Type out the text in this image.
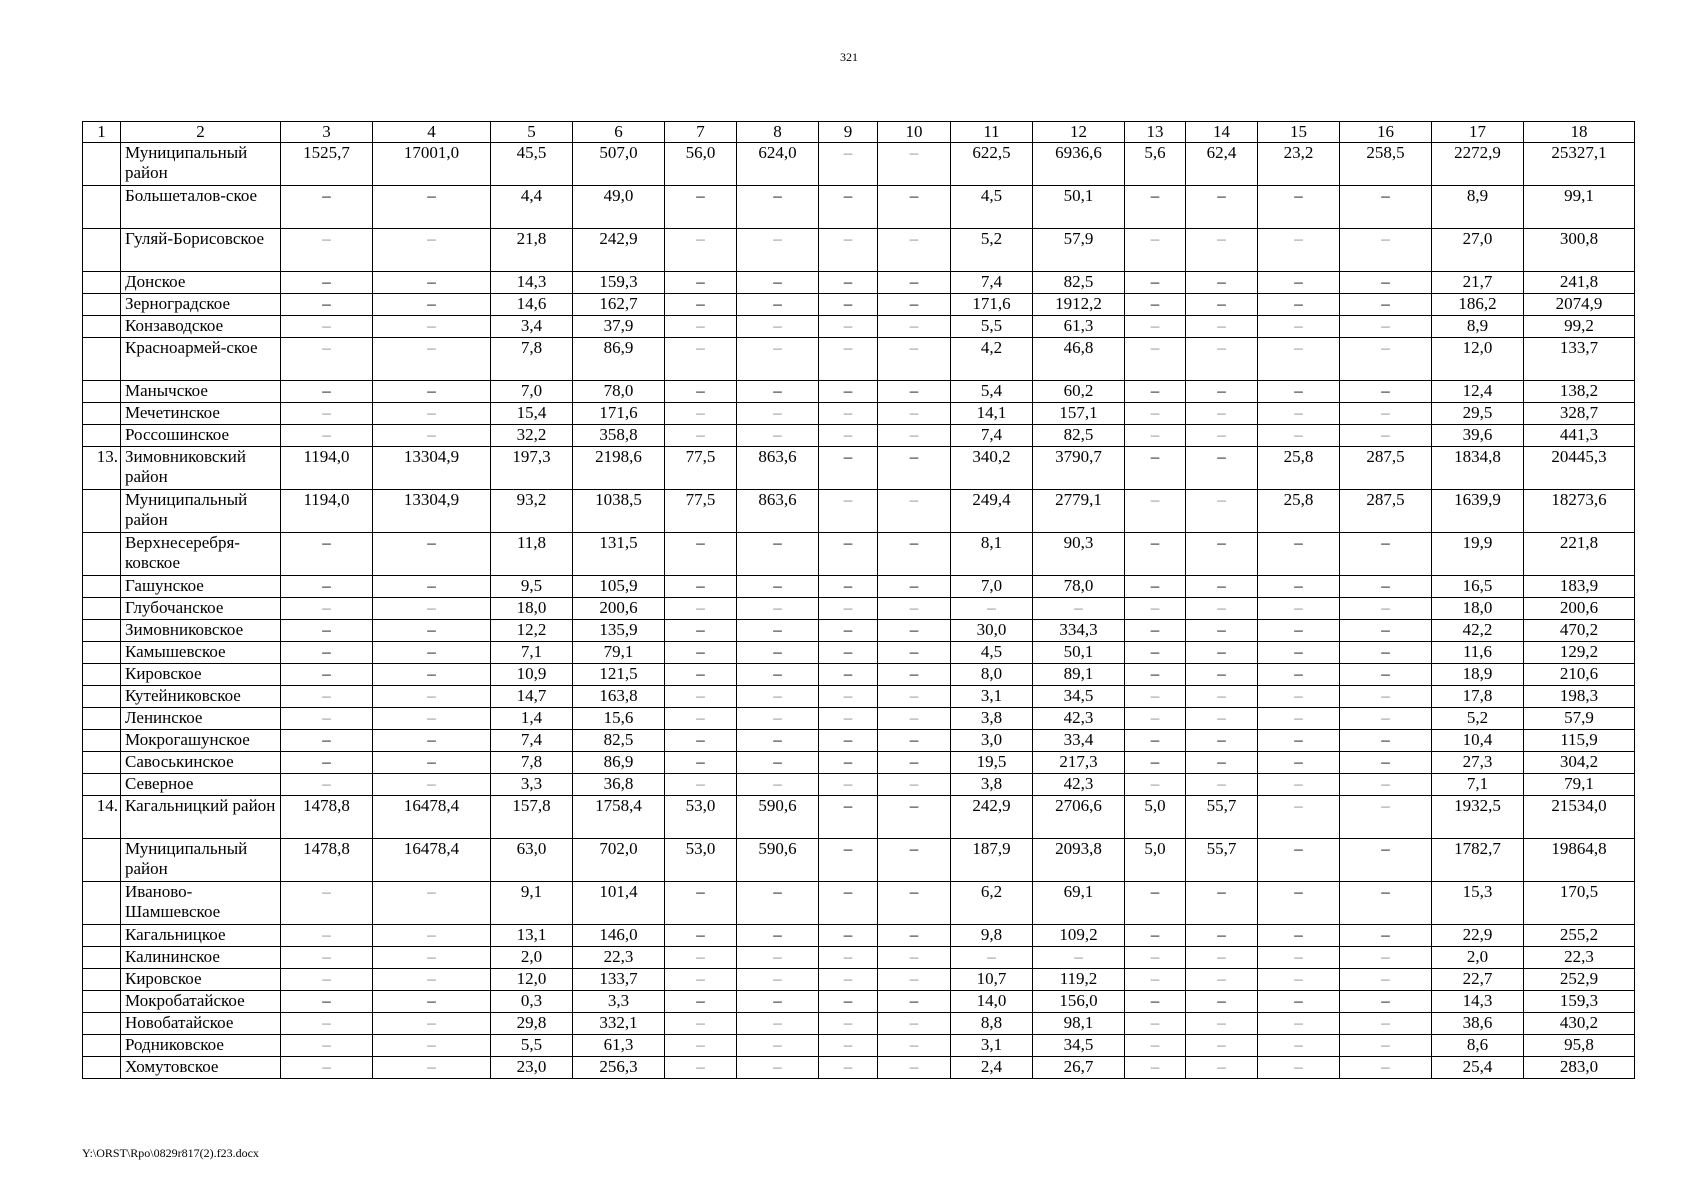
321
1	2	3	4	5	6	7	8	9	10	11	12	13	14	15	16	17	18
	Муниципальный район	1525,7	17001,0	45,5	507,0	56,0	624,0	–	–	622,5	6936,6	5,6	62,4	23,2	258,5	2272,9	25327,1
	Большеталов-ское	–	–	4,4	49,0	–	–	–	–	4,5	50,1	–	–	–	–	8,9	99,1
	Гуляй-Борисовское	–	–	21,8	242,9	–	–	–	–	5,2	57,9	–	–	–	–	27,0	300,8
	Донское	–	–	14,3	159,3	–	–	–	–	7,4	82,5	–	–	–	–	21,7	241,8
	Зерноградское	–	–	14,6	162,7	–	–	–	–	171,6	1912,2	–	–	–	–	186,2	2074,9
	Конзаводское	–	–	3,4	37,9	–	–	–	–	5,5	61,3	–	–	–	–	8,9	99,2
	Красноармей-ское	–	–	7,8	86,9	–	–	–	–	4,2	46,8	–	–	–	–	12,0	133,7
	Манычское	–	–	7,0	78,0	–	–	–	–	5,4	60,2	–	–	–	–	12,4	138,2
	Мечетинское	–	–	15,4	171,6	–	–	–	–	14,1	157,1	–	–	–	–	29,5	328,7
	Россошинское	–	–	32,2	358,8	–	–	–	–	7,4	82,5	–	–	–	–	39,6	441,3
13.	Зимовниковский район	1194,0	13304,9	197,3	2198,6	77,5	863,6	–	–	340,2	3790,7	–	–	25,8	287,5	1834,8	20445,3
	Муниципальный район	1194,0	13304,9	93,2	1038,5	77,5	863,6	–	–	249,4	2779,1	–	–	25,8	287,5	1639,9	18273,6
	Верхнесеребря-ковское	–	–	11,8	131,5	–	–	–	–	8,1	90,3	–	–	–	–	19,9	221,8
	Гашунское	–	–	9,5	105,9	–	–	–	–	7,0	78,0	–	–	–	–	16,5	183,9
	Глубочанское	–	–	18,0	200,6	–	–	–	–	–	–	–	–	–	–	18,0	200,6
	Зимовниковское	–	–	12,2	135,9	–	–	–	–	30,0	334,3	–	–	–	–	42,2	470,2
	Камышевское	–	–	7,1	79,1	–	–	–	–	4,5	50,1	–	–	–	–	11,6	129,2
	Кировское	–	–	10,9	121,5	–	–	–	–	8,0	89,1	–	–	–	–	18,9	210,6
	Кутейниковское	–	–	14,7	163,8	–	–	–	–	3,1	34,5	–	–	–	–	17,8	198,3
	Ленинское	–	–	1,4	15,6	–	–	–	–	3,8	42,3	–	–	–	–	5,2	57,9
	Мокрогашунское	–	–	7,4	82,5	–	–	–	–	3,0	33,4	–	–	–	–	10,4	115,9
	Савоськинское	–	–	7,8	86,9	–	–	–	–	19,5	217,3	–	–	–	–	27,3	304,2
	Северное	–	–	3,3	36,8	–	–	–	–	3,8	42,3	–	–	–	–	7,1	79,1
14.	Кагальницкий район	1478,8	16478,4	157,8	1758,4	53,0	590,6	–	–	242,9	2706,6	5,0	55,7	–	–	1932,5	21534,0
	Муниципальный район	1478,8	16478,4	63,0	702,0	53,0	590,6	–	–	187,9	2093,8	5,0	55,7	–	–	1782,7	19864,8
	Иваново-Шамшевское	–	–	9,1	101,4	–	–	–	–	6,2	69,1	–	–	–	–	15,3	170,5
	Кагальницкое	–	–	13,1	146,0	–	–	–	–	9,8	109,2	–	–	–	–	22,9	255,2
	Калининское	–	–	2,0	22,3	–	–	–	–	–	–	–	–	–	–	2,0	22,3
	Кировское	–	–	12,0	133,7	–	–	–	–	10,7	119,2	–	–	–	–	22,7	252,9
	Мокробатайское	–	–	0,3	3,3	–	–	–	–	14,0	156,0	–	–	–	–	14,3	159,3
	Новобатайское	–	–	29,8	332,1	–	–	–	–	8,8	98,1	–	–	–	–	38,6	430,2
	Родниковское	–	–	5,5	61,3	–	–	–	–	3,1	34,5	–	–	–	–	8,6	95,8
	Хомутовское	–	–	23,0	256,3	–	–	–	–	2,4	26,7	–	–	–	–	25,4	283,0
Y:\ORST\Rpo\0829r817(2).f23.docx
